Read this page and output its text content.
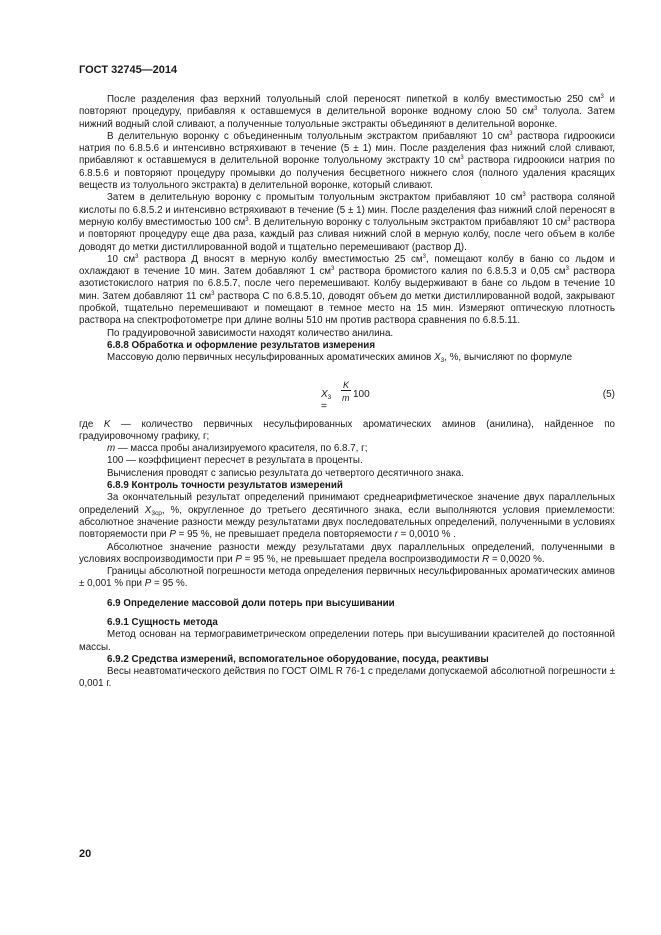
ГОСТ 32745—2014

После разделения фаз верхний толуольный слой переносят пипеткой в колбу вместимостью 250 $см^3$ и повторяют процедуру, прибавляя к оставшемуся в делительной воронке водному слою 50 $см^3$ толуола. Затем нижний водный слой сливают, а полученные толуольные экстракты объединяют в делительной воронке.

В делительную воронку с объединенным толуольным экстрактом прибавляют 10 $см^3$ раствора гидроокиси натрия по 6.8.5.6 и интенсивно встряхивают в течение (5 ± 1) мин. После разделения фаз нижний слой сливают, прибавляют к оставшемуся в делительной воронке толуольному экстракту 10 $см^3$ раствора гидроокиси натрия по 6.8.5.6 и повторяют процедуру промывки до получения бесцветного нижнего слоя (полного удаления красящих веществ из толуольного экстракта) в делительной воронке, который сливают.

Затем в делительную воронку с промытым толуольным экстрактом прибавляют 10 $см^3$ раствора соляной кислоты по 6.8.5.2 и интенсивно встряхивают в течение (5 ± 1) мин. После разделения фаз нижний слой переносят в мерную колбу вместимостью 100 $см^3$. В делительную воронку с толуольным экстрактом прибавляют 10 $см^3$ раствора и повторяют процедуру еще два раза, каждый раз сливая нижний слой в мерную колбу, после чего объем в колбе доводят до метки дистиллированной водой и тщательно перемешивают (раствор Д).

10 $см^3$ раствора Д вносят в мерную колбу вместимостью 25 $см^3$, помещают колбу в баню со льдом и охлаждают в течение 10 мин. Затем добавляют 1 $см^3$ раствора бромистого калия по 6.8.5.3 и 0,05 $см^3$ раствора азотистокислого натрия по 6.8.5.7, после чего перемешивают. Колбу выдерживают в бане со льдом в течение 10 мин. Затем добавляют 11 $см^3$ раствора С по 6.8.5.10, доводят объем до метки дистиллированной водой, закрывают пробкой, тщательно перемешивают и помещают в темное место на 15 мин. Измеряют оптическую плотность раствора на спектрофотометре при длине волны 510 нм против раствора сравнения по 6.8.5.11.

По градуировочной зависимости находят количество анилина.

6.8.8 Обработка и оформление результатов измерения

Массовую долю первичных несульфированных ароматических аминов $X_3$, %, вычисляют по формуле

$X_3$ =
K
m 100	(5)

где K — количество первичных несульфированных ароматических аминов (анилина), найденное по градуировочному графику, г;

m — масса пробы анализируемого красителя, по 6.8.7, г;

100 — коэффициент пересчет в результата в проценты.

Вычисления проводят с записью результата до четвертого десятичного знака.

6.8.9 Контроль точности результатов измерений

За окончательный результат определений принимают среднеарифметическое значение двух параллельных определений $X_{3ср}$, %, округленное до третьего десятичного знака, если выполняются условия приемлемости: абсолютное значение разности между результатами двух последовательных определений, полученными в условиях повторяемости при P = 95 %, не превышает предела повторяемости r = 0,0010 % .

Абсолютное значение разности между результатами двух параллельных определений, полученными в условиях воспроизводимости при P = 95 %, не превышает предела воспроизводимости R = 0,0020 %.

Границы абсолютной погрешности метода определения первичных несульфированных ароматических аминов ± 0,001 % при P = 95 %.

6.9 Определение массовой доли потерь при высушивании

6.9.1 Сущность метода

Метод основан на термогравиметрическом определении потерь при высушивании красителей до постоянной массы.

6.9.2 Средства измерений, вспомогательное оборудование, посуда, реактивы

Весы неавтоматического действия по ГОСТ OIML R 76-1 с пределами допускаемой абсолютной погрешности ± 0,001 г.

20
